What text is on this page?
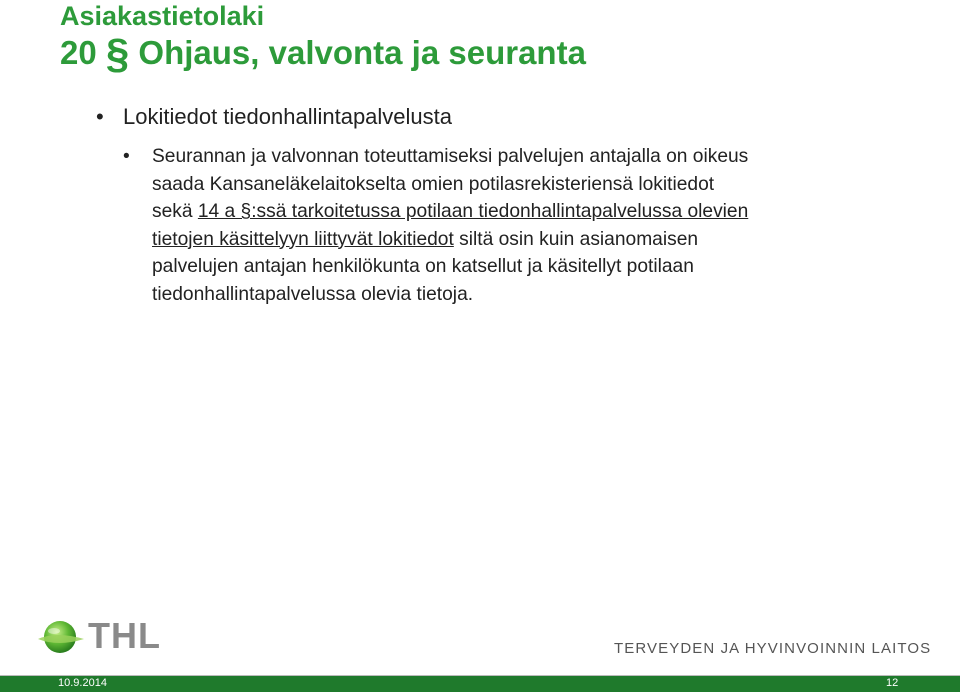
Asiakastietolaki
20 § Ohjaus, valvonta ja seuranta
• Lokitiedot tiedonhallintapalvelusta
• Seurannan ja valvonnan toteuttamiseksi palvelujen antajalla on oikeus
saada Kansaneläkelaitokselta omien potilasrekisteriensä lokitiedot
sekä 14 a §:ssä tarkoitetussa potilaan tiedonhallintapalvelussa olevien
tietojen käsittelyyn liittyvät lokitiedot siltä osin kuin asianomaisen
palvelujen antajan henkilökunta on katsellut ja käsitellyt potilaan
tiedonhallintapalvelussa olevia tietoja.
THL	TERVEYDEN JA HYVINVOINNIN LAITOS
10.9.2014	12
